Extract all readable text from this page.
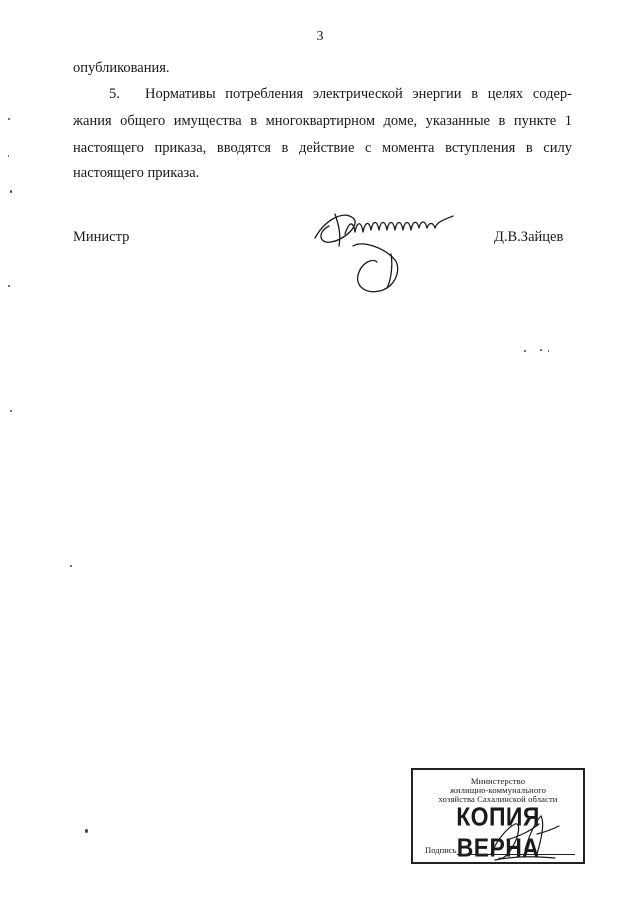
3
опубликования.
5. Нормативы потребления электрической энергии в целях содер-
жания общего имущества в многоквартирном доме, указанные в пункте 1
настоящего приказа, вводятся в действие с момента вступления в силу
настоящего приказа.
Министр	Д.В.Зайцев
Министерство
жилищно-коммунального
хозяйства Сахалинской области
КОПИЯ ВЕРНА
Подпись
